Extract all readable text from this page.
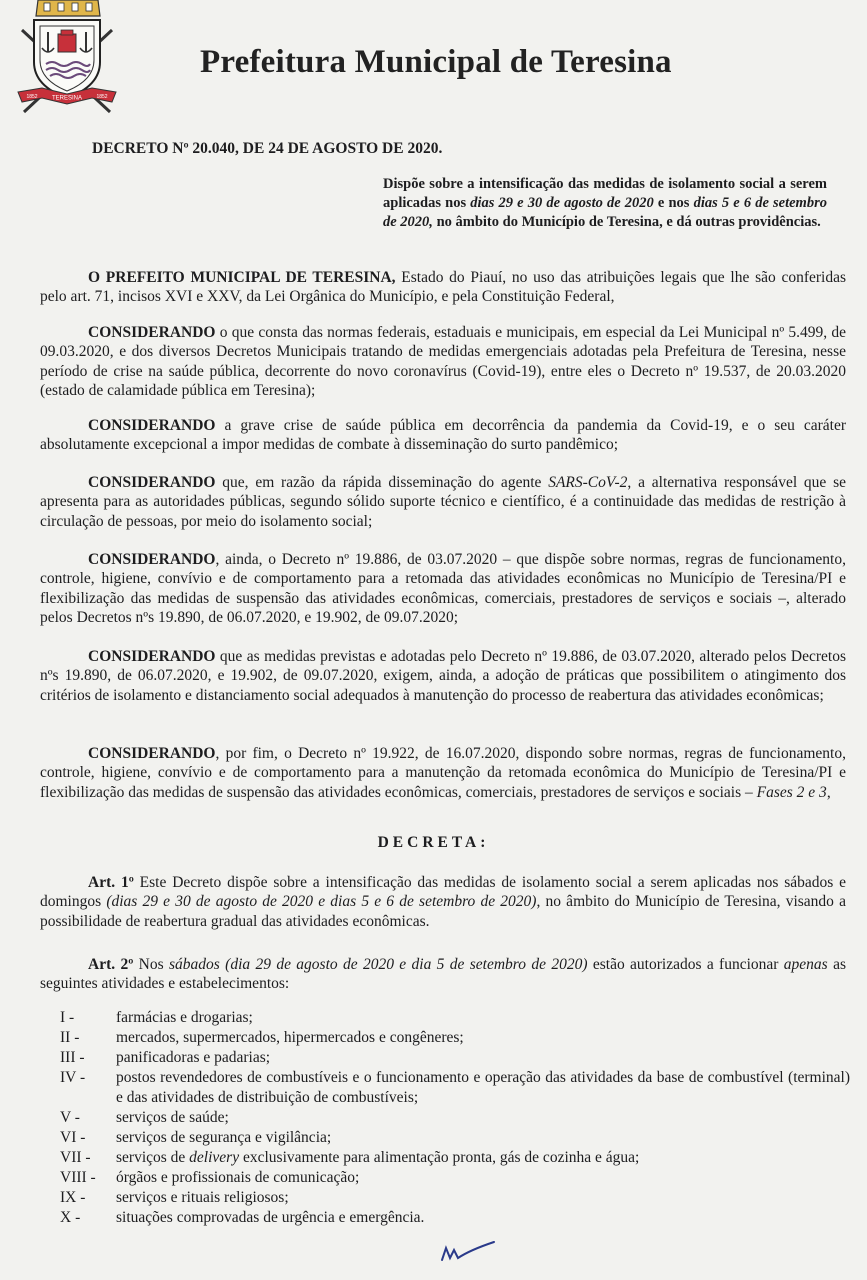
TERESINA
1852	1852
Prefeitura Municipal de Teresina
DECRETO Nº 20.040, DE 24 DE AGOSTO DE 2020.
Dispõe sobre a intensificação das medidas de isolamento social a serem aplicadas nos dias 29 e 30 de agosto de 2020 e nos dias 5 e 6 de setembro de 2020, no âmbito do Município de Teresina, e dá outras providências.
O PREFEITO MUNICIPAL DE TERESINA, Estado do Piauí, no uso das atribuições legais que lhe são conferidas pelo art. 71, incisos XVI e XXV, da Lei Orgânica do Município, e pela Constituição Federal,
CONSIDERANDO o que consta das normas federais, estaduais e municipais, em especial da Lei Municipal nº 5.499, de 09.03.2020, e dos diversos Decretos Municipais tratando de medidas emergenciais adotadas pela Prefeitura de Teresina, nesse período de crise na saúde pública, decorrente do novo coronavírus (Covid-19), entre eles o Decreto nº 19.537, de 20.03.2020 (estado de calamidade pública em Teresina);
CONSIDERANDO a grave crise de saúde pública em decorrência da pandemia da Covid-19, e o seu caráter absolutamente excepcional a impor medidas de combate à disseminação do surto pandêmico;
CONSIDERANDO que, em razão da rápida disseminação do agente SARS-CoV-2, a alternativa responsável que se apresenta para as autoridades públicas, segundo sólido suporte técnico e científico, é a continuidade das medidas de restrição à circulação de pessoas, por meio do isolamento social;
CONSIDERANDO, ainda, o Decreto nº 19.886, de 03.07.2020 – que dispõe sobre normas, regras de funcionamento, controle, higiene, convívio e de comportamento para a retomada das atividades econômicas no Município de Teresina/PI e flexibilização das medidas de suspensão das atividades econômicas, comerciais, prestadores de serviços e sociais –, alterado pelos Decretos nºs 19.890, de 06.07.2020, e 19.902, de 09.07.2020;
CONSIDERANDO que as medidas previstas e adotadas pelo Decreto nº 19.886, de 03.07.2020, alterado pelos Decretos nºs 19.890, de 06.07.2020, e 19.902, de 09.07.2020, exigem, ainda, a adoção de práticas que possibilitem o atingimento dos critérios de isolamento e distanciamento social adequados à manutenção do processo de reabertura das atividades econômicas;
CONSIDERANDO, por fim, o Decreto nº 19.922, de 16.07.2020, dispondo sobre normas, regras de funcionamento, controle, higiene, convívio e de comportamento para a manutenção da retomada econômica do Município de Teresina/PI e flexibilização das medidas de suspensão das atividades econômicas, comerciais, prestadores de serviços e sociais – Fases 2 e 3,
DECRETA:
Art. 1º Este Decreto dispõe sobre a intensificação das medidas de isolamento social a serem aplicadas nos sábados e domingos (dias 29 e 30 de agosto de 2020 e dias 5 e 6 de setembro de 2020), no âmbito do Município de Teresina, visando a possibilidade de reabertura gradual das atividades econômicas.
Art. 2º Nos sábados (dia 29 de agosto de 2020 e dia 5 de setembro de 2020) estão autorizados a funcionar apenas as seguintes atividades e estabelecimentos:
I -	farmácias e drogarias;
II -	mercados, supermercados, hipermercados e congêneres;
III -	panificadoras e padarias;
IV -	postos revendedores de combustíveis e o funcionamento e operação das atividades da base de combustível (terminal) e das atividades de distribuição de combustíveis;
V -	serviços de saúde;
VI -	serviços de segurança e vigilância;
VII -	serviços de delivery exclusivamente para alimentação pronta, gás de cozinha e água;
VIII -	órgãos e profissionais de comunicação;
IX -	serviços e rituais religiosos;
X -	situações comprovadas de urgência e emergência.
